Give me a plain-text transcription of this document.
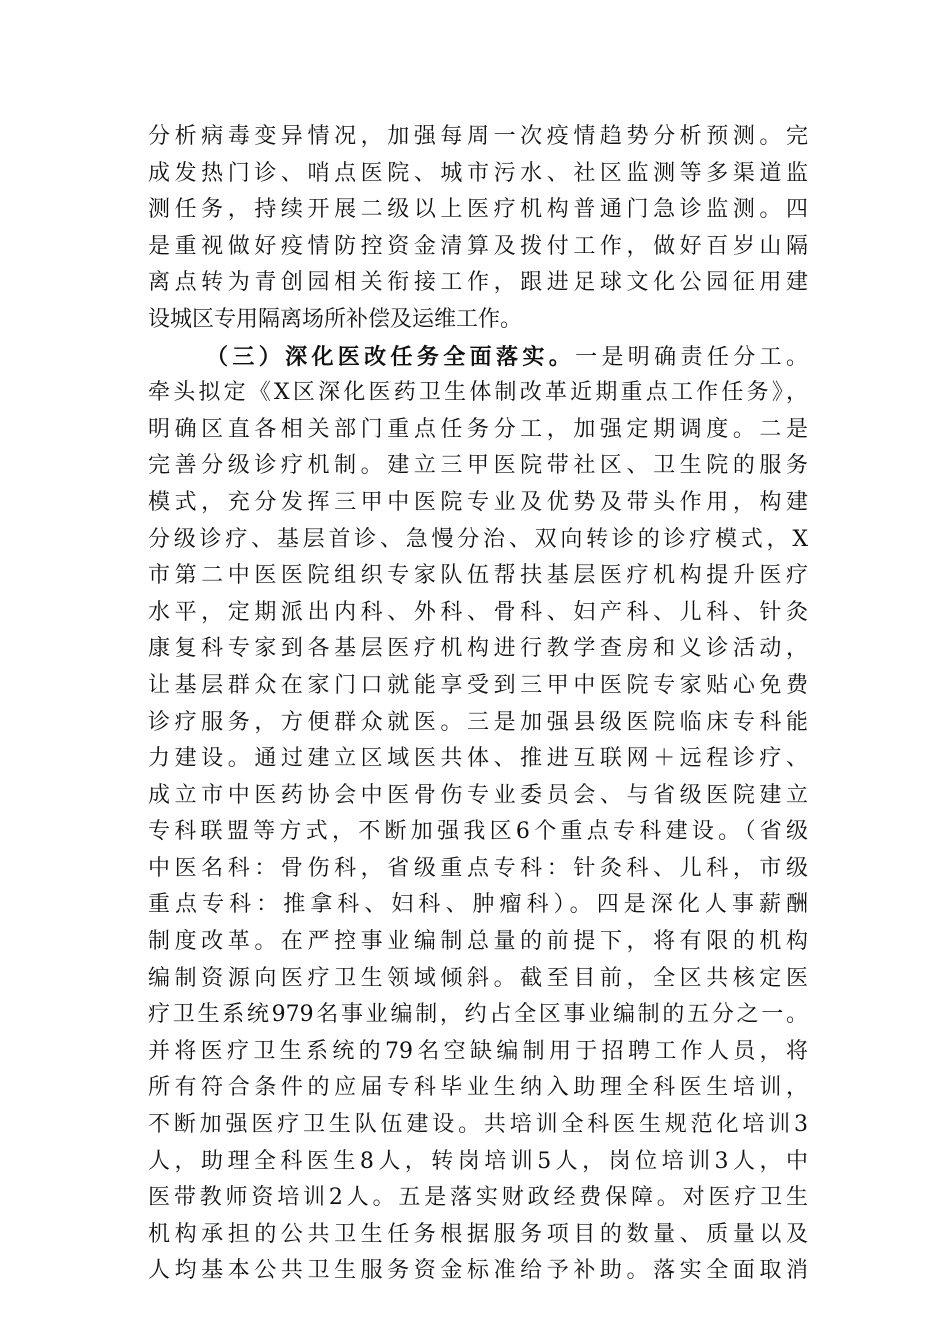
分析病毒变异情况，加强每周一次疫情趋势分析预测。完
成发热门诊、哨点医院、城市污水、社区监测等多渠道监
测任务，持续开展二级以上医疗机构普通门急诊监测。四
是重视做好疫情防控资金清算及拨付工作，做好百岁山隔
离点转为青创园相关衔接工作，跟进足球文化公园征用建
设城区专用隔离场所补偿及运维工作。
（三）深化医改任务全面落实。一是明确责任分工。
牵头拟定《X区深化医药卫生体制改革近期重点工作任务》，
明确区直各相关部门重点任务分工，加强定期调度。二是
完善分级诊疗机制。建立三甲医院带社区、卫生院的服务
模式，充分发挥三甲中医院专业及优势及带头作用，构建
分级诊疗、基层首诊、急慢分治、双向转诊的诊疗模式，X
市第二中医医院组织专家队伍帮扶基层医疗机构提升医疗
水平，定期派出内科、外科、骨科、妇产科、儿科、针灸
康复科专家到各基层医疗机构进行教学查房和义诊活动，
让基层群众在家门口就能享受到三甲中医院专家贴心免费
诊疗服务，方便群众就医。三是加强县级医院临床专科能
力建设。通过建立区域医共体、推进互联网＋远程诊疗、
成立市中医药协会中医骨伤专业委员会、与省级医院建立
专科联盟等方式，不断加强我区6个重点专科建设。（省级
中医名科：骨伤科，省级重点专科：针灸科、儿科，市级
重点专科：推拿科、妇科、肿瘤科）。四是深化人事薪酬
制度改革。在严控事业编制总量的前提下，将有限的机构
编制资源向医疗卫生领域倾斜。截至目前，全区共核定医
疗卫生系统979名事业编制，约占全区事业编制的五分之一。
并将医疗卫生系统的79名空缺编制用于招聘工作人员，将
所有符合条件的应届专科毕业生纳入助理全科医生培训，
不断加强医疗卫生队伍建设。共培训全科医生规范化培训3
人，助理全科医生8人，转岗培训5人，岗位培训3人，中
医带教师资培训2人。五是落实财政经费保障。对医疗卫生
机构承担的公共卫生任务根据服务项目的数量、质量以及
人均基本公共卫生服务资金标准给予补助。落实全面取消
